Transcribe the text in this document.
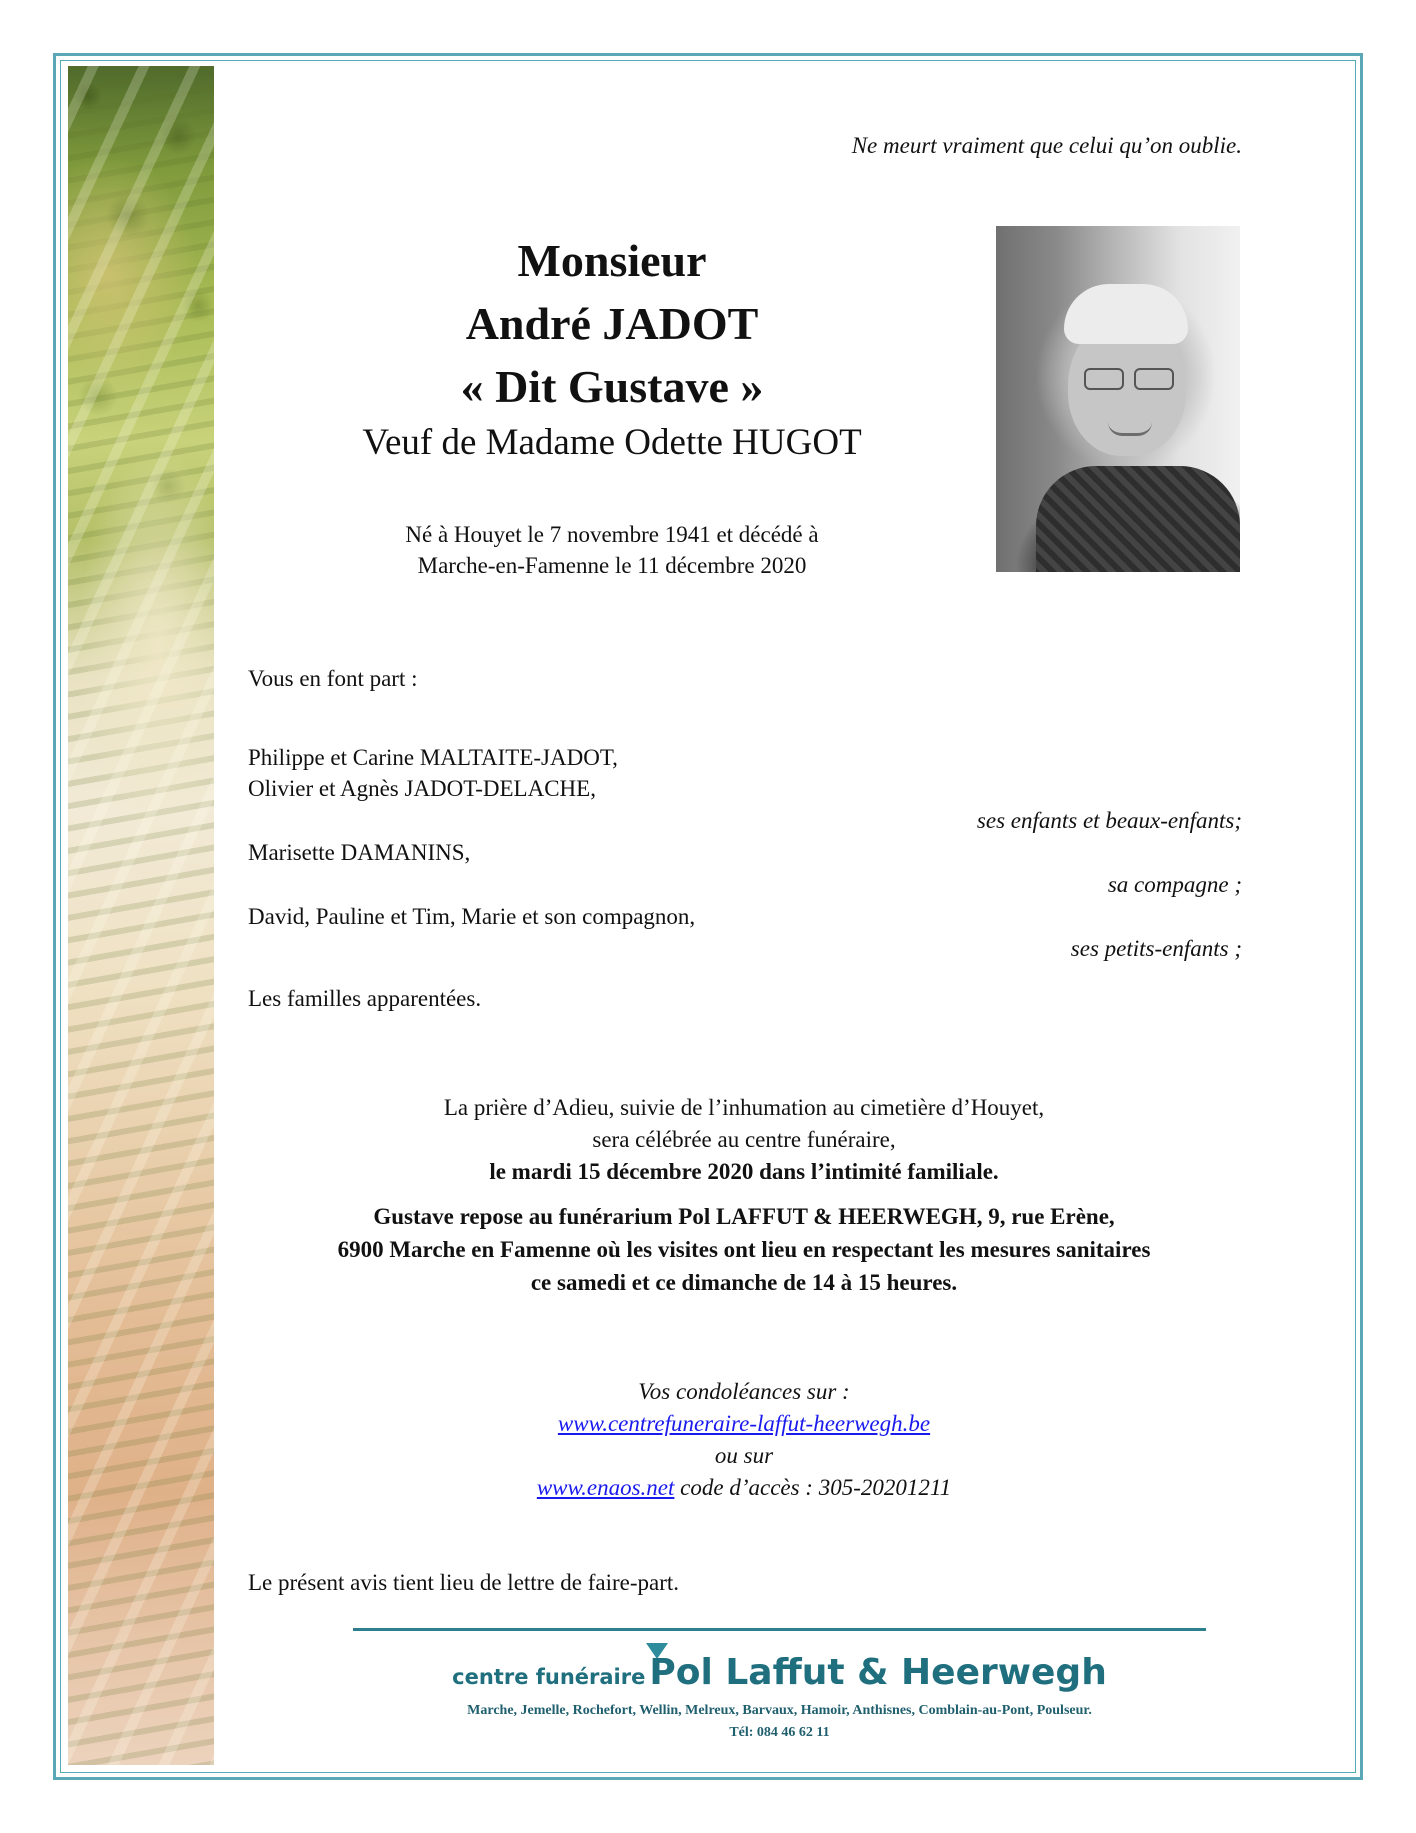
Ne meurt vraiment que celui qu’on oublie.
Monsieur
André JADOT
« Dit Gustave »
Veuf de Madame Odette HUGOT
Né à Houyet le 7 novembre 1941 et décédé à
Marche-en-Famenne le 11 décembre 2020
Vous en font part :
Philippe et Carine MALTAITE-JADOT,
Olivier et Agnès JADOT-DELACHE,
ses enfants et beaux-enfants;
Marisette DAMANINS,
sa compagne ;
David, Pauline et Tim, Marie et son compagnon,
ses petits-enfants ;
Les familles apparentées.
La prière d’Adieu, suivie de l’inhumation au cimetière d’Houyet,
sera célébrée au centre funéraire,
le mardi 15 décembre 2020 dans l’intimité familiale.
Gustave repose au funérarium Pol LAFFUT & HEERWEGH, 9, rue Erène,
6900 Marche en Famenne où les visites ont lieu en respectant les mesures sanitaires
ce samedi et ce dimanche de 14 à 15 heures.
Vos condoléances sur :
www.centrefuneraire-laffut-heerwegh.be
ou sur
www.enaos.net code d’accès : 305-20201211
Le présent avis tient lieu de lettre de faire-part.
centre funéraire Pol Laffut & Heerwegh
Marche, Jemelle, Rochefort, Wellin, Melreux, Barvaux, Hamoir, Anthisnes, Comblain-au-Pont, Poulseur.
Tél: 084 46 62 11
